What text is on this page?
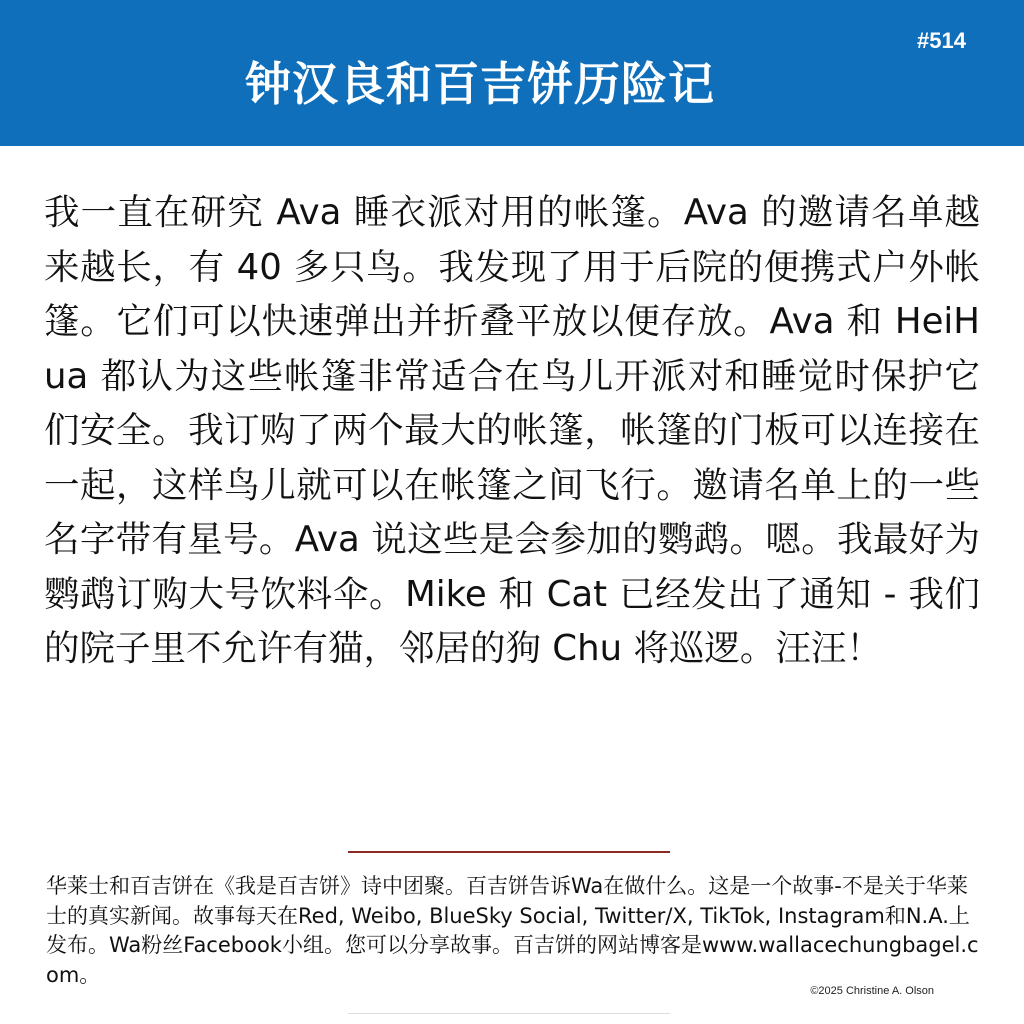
#514
钟汉良和百吉饼历险记

我一直在研究 Ava 睡衣派对用的帐篷。Ava 的邀请名单越来越长，有 40 多只鸟。我发现了用于后院的便携式户外帐篷。它们可以快速弹出并折叠平放以便存放。Ava 和 HeiHua 都认为这些帐篷非常适合在鸟儿开派对和睡觉时保护它们安全。我订购了两个最大的帐篷，帐篷的门板可以连接在一起，这样鸟儿就可以在帐篷之间飞行。邀请名单上的一些名字带有星号。Ava 说这些是会参加的鹦鹉。嗯。我最好为鹦鹉订购大号饮料伞。Mike 和 Cat 已经发出了通知 - 我们的院子里不允许有猫，邻居的狗 Chu 将巡逻。汪汪！

华莱士和百吉饼在《我是百吉饼》诗中团聚。百吉饼告诉Wa在做什么。这是一个故事-不是关于华莱士的真实新闻。故事每天在Red, Weibo, BlueSky Social, Twitter/X, TikTok, Instagram和N.A.上发布。Wa粉丝Facebook小组。您可以分享故事。百吉饼的网站博客是www.wallacechungbagel.com。

©2025 Christine A. Olson
